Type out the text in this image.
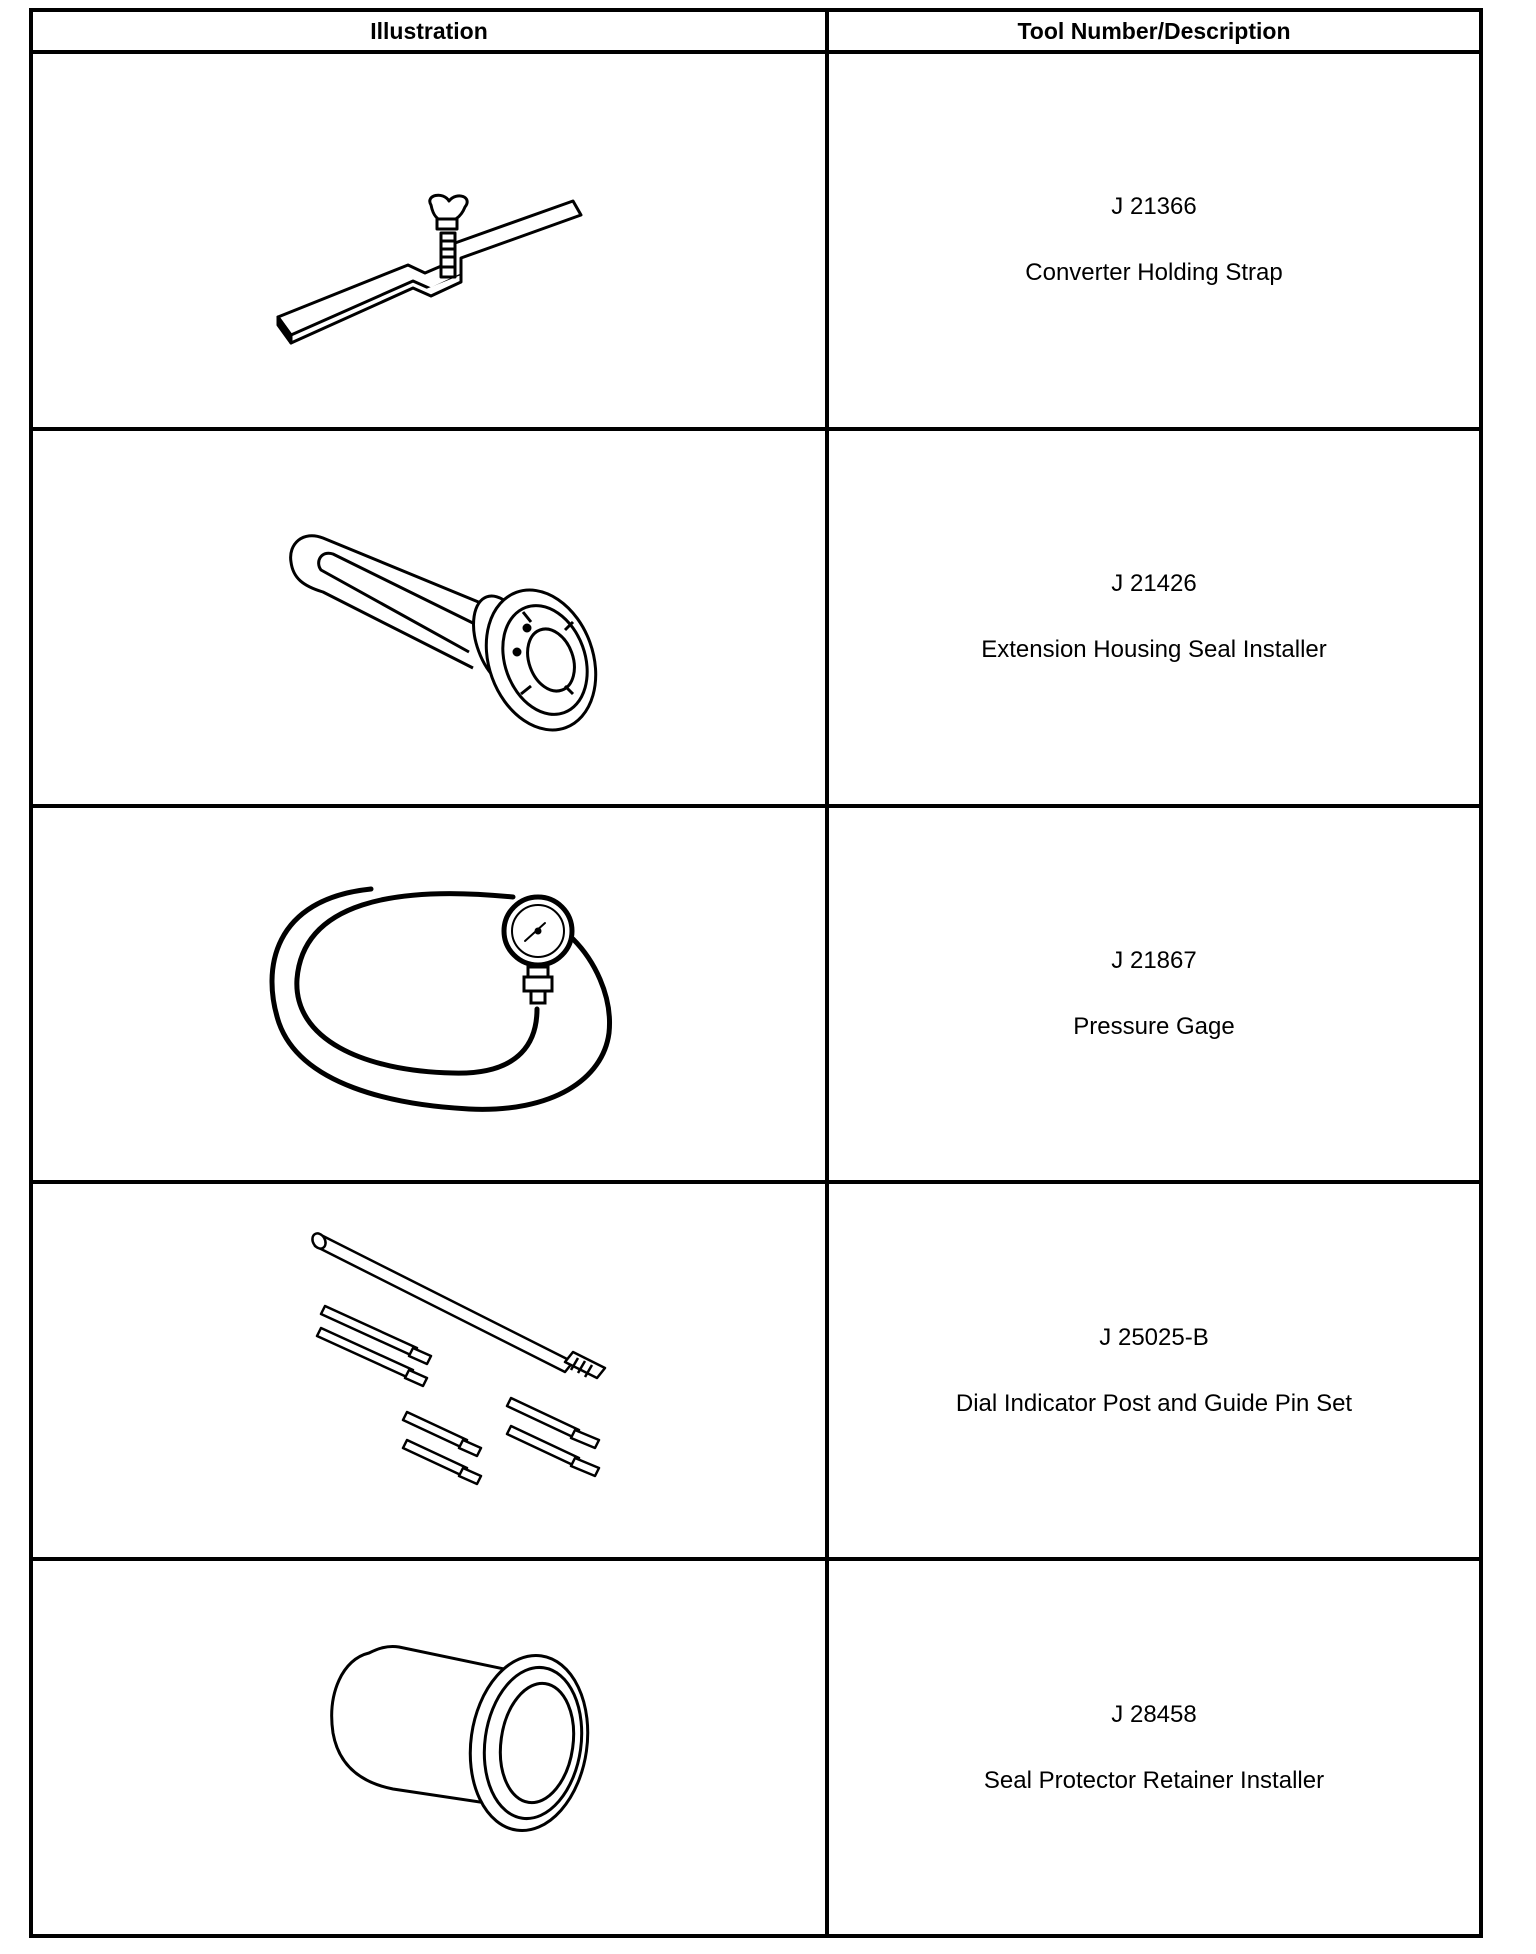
Illustration	Tool Number/Description

J 21366
Converter Holding Strap

J 21426
Extension Housing Seal Installer

J 21867
Pressure Gage

J 25025-B
Dial Indicator Post and Guide Pin Set

J 28458
Seal Protector Retainer Installer
